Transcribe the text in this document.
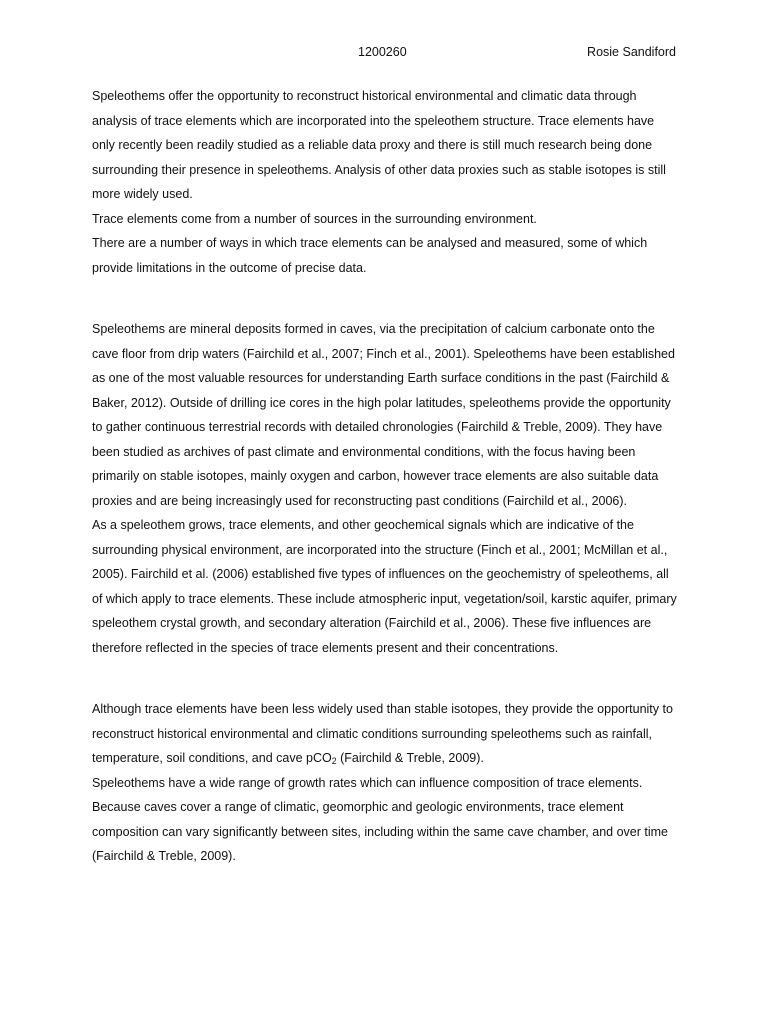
1200260	Rosie Sandiford

Speleothems offer the opportunity to reconstruct historical environmental and climatic data through analysis of trace elements which are incorporated into the speleothem structure. Trace elements have only recently been readily studied as a reliable data proxy and there is still much research being done surrounding their presence in speleothems. Analysis of other data proxies such as stable isotopes is still more widely used.

Trace elements come from a number of sources in the surrounding environment.

There are a number of ways in which trace elements can be analysed and measured, some of which provide limitations in the outcome of precise data.

Speleothems are mineral deposits formed in caves, via the precipitation of calcium carbonate onto the cave floor from drip waters (Fairchild et al., 2007; Finch et al., 2001). Speleothems have been established as one of the most valuable resources for understanding Earth surface conditions in the past (Fairchild & Baker, 2012). Outside of drilling ice cores in the high polar latitudes, speleothems provide the opportunity to gather continuous terrestrial records with detailed chronologies (Fairchild & Treble, 2009). They have been studied as archives of past climate and environmental conditions, with the focus having been primarily on stable isotopes, mainly oxygen and carbon, however trace elements are also suitable data proxies and are being increasingly used for reconstructing past conditions (Fairchild et al., 2006).

As a speleothem grows, trace elements, and other geochemical signals which are indicative of the surrounding physical environment, are incorporated into the structure (Finch et al., 2001; McMillan et al., 2005). Fairchild et al. (2006) established five types of influences on the geochemistry of speleothems, all of which apply to trace elements. These include atmospheric input, vegetation/soil, karstic aquifer, primary speleothem crystal growth, and secondary alteration (Fairchild et al., 2006). These five influences are therefore reflected in the species of trace elements present and their concentrations.

Although trace elements have been less widely used than stable isotopes, they provide the opportunity to reconstruct historical environmental and climatic conditions surrounding speleothems such as rainfall, temperature, soil conditions, and cave pCO$_2$ (Fairchild & Treble, 2009).

Speleothems have a wide range of growth rates which can influence composition of trace elements.

Because caves cover a range of climatic, geomorphic and geologic environments, trace element composition can vary significantly between sites, including within the same cave chamber, and over time (Fairchild & Treble, 2009).
